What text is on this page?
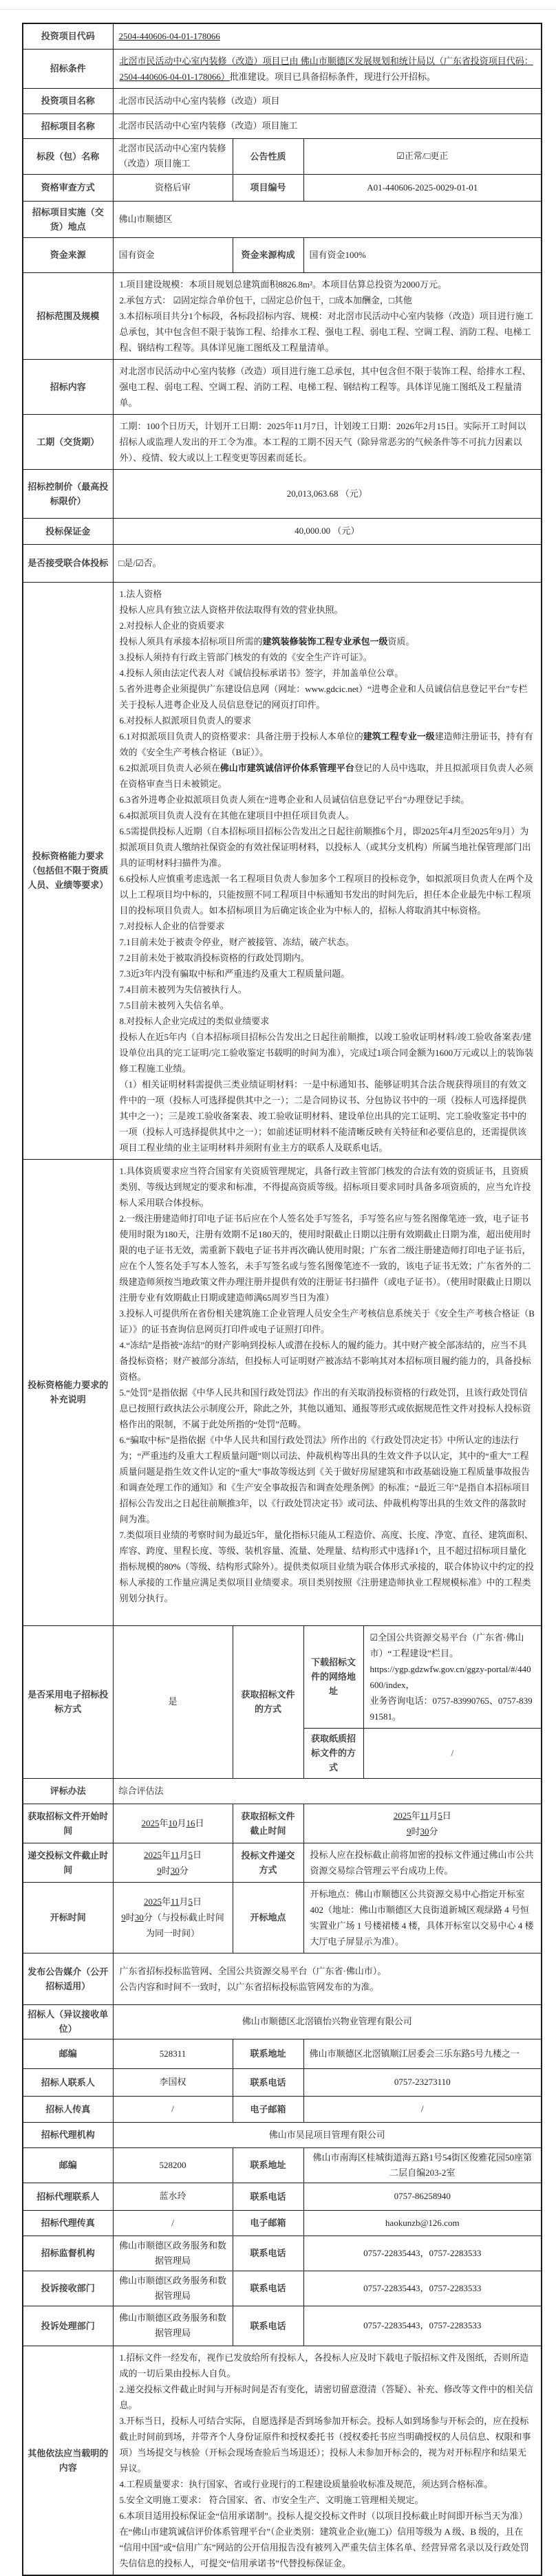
投资项目代码	2504-440606-04-01-178066			
招标条件	北滘市民活动中心室内装修（改造）项目已由 佛山市顺德区发展规划和统计局以（广东省投资项目代码：2504-440606-04-01-178066）批准建设。项目已具备招标条件，现进行公开招标。			

投资项目名称	北滘市民活动中心室内装修（改造）项目			
招标项目名称	北滘市民活动中心室内装修（改造）项目施工			
标段（包）名称	北滘市民活动中心室内装修（改造）项目施工	公告性质	☑正常/□更正	
资格审查方式	资格后审	项目编号	A01-440606-2025-0029-01-01	
招标项目实施（交货）地点	佛山市顺德区			
资金来源	国有资金	资金来源构成	国有资金100%	
招标范围及规模	1.项目建设规模：本项目规划总建筑面积8826.8m²。本项目估算总投资为2000万元。
2.承包方式： ☑固定综合单价包干，□固定总价包干，□成本加酬金，□其他
3.本招标项目共分1个标段，各标段招标内容、规模：对北滘市民活动中心室内装修（改造）项目进行施工总承包，其中包含但不限于装饰工程、给排水工程、强电工程、弱电工程、空调工程、消防工程、电梯工程、钢结构工程等。具体详见施工图纸及工程量清单。			

招标内容	对北滘市民活动中心室内装修（改造）项目进行施工总承包，其中包含但不限于装饰工程、给排水工程、强电工程、弱电工程、空调工程、消防工程、电梯工程、钢结构工程等。具体详见施工图纸及工程量清单。			
工期（交货期）	工期：100个日历天，计划开工日期：2025年11月7日，计划竣工日期：2026年2月15日。实际开工时间以招标人或监理人发出的开工令为准。本工程的工期不因天气（除异常恶劣的气候条件等不可抗力因素以外）、疫情、较大或以上工程变更等因素而延长。			
招标控制价（最高投标限价）	20,013,063.68 （元）			
投标保证金	40,000.00 （元）			
是否接受联合体投标	□是/☑否。			
投标资格能力要求（包括但不限于资质人员、业绩等要求）	
1.法人资格
投标人应具有独立法人资格并依法取得有效的营业执照。
2.对投标人企业的资质要求
投标人须具有承接本招标项目所需的建筑装修装饰工程专业承包一级资质。
3.投标人须持有行政主管部门核发的有效的《安全生产许可证》。
4.投标人须由法定代表人对《诚信投标承诺书》签字，并加盖单位公章。
5.省外进粤企业须提供广东建设信息网（网址：www.gdcic.net）“进粤企业和人员诚信信息登记平台”专栏关于投标人进粤企业及人员信息登记的网页打印件。
6.对投标人拟派项目负责人的要求
6.1对拟派项目负责人的资格要求：具备注册于投标人本单位的建筑工程专业一级建造师注册证书，持有有效的《安全生产考核合格证（B证）》。
6.2拟派项目负责人必须在佛山市建筑诚信评价体系管理平台登记的人员中选取，并且拟派项目负责人必须在资格审查当日未被锁定。
6.3省外进粤企业拟派项目负责人须在“进粤企业和人员诚信信息登记平台”办理登记手续。
6.4拟派项目负责人没有在其他在建项目中担任项目负责人。
6.5需提供投标人近期（自本招标项目招标公告发出之日起往前顺推6个月，即2025年4月至2025年9月）为拟派项目负责人缴纳社保资金的有效社保证明材料，以投标人（或其分支机构）所属当地社保管理部门出具的证明材料扫描件为准。
6.6投标人应慎重考虑选派一名工程项目负责人参加多个工程项目的投标竞争，如拟派项目负责人在两个及以上工程项目均中标的，只能按照不同工程项目中标通知书发出的时间先后，担任本企业最先中标工程项目的投标项目负责人。如本招标项目为后确定该企业为中标人的，招标人将取消其中标资格。
7.对投标人企业的信誉要求
7.1目前未处于被责令停业，财产被接管、冻结，破产状态。
7.2目前未处于被取消投标资格的行政处罚期内。
7.3近3年内没有骗取中标和严重违约及重大工程质量问题。
7.4目前未被列为失信被执行人。
7.5目前未被列入失信名单。
8.对投标人企业完成过的类似业绩要求
投标人在近5年内（自本招标项目招标公告发出之日起往前顺推，以竣工验收证明材料/竣工验收备案表/建设单位出具的完工证明/完工验收鉴定书载明的时间为准），完成过1项合同金额为1600万元或以上的装饰装修工程施工业绩。
（1）相关证明材料需提供三类业绩证明材料：一是中标通知书、能够证明其合法合规获得项目的有效文件中的一项（投标人可选择提供其中之一）；二是合同协议书、分包协议书中的一项（投标人可选择提供其中之一）；三是竣工验收备案表、竣工验收证明材料、建设单位出具的完工证明、完工验收鉴定书中的一项（投标人可选择提供其中之一）；如前述证明材料不能清晰反映有关特征和必要信息的，还需提供该项目工程业绩的业主证明材料并须附有业主方的联系人及联系电话。

投标资格能力要求的补充说明	
1.具体资质要求应当符合国家有关资质管理规定，具备行政主管部门核发的合法有效的资质证书，且资质类别、等级达到规定的要求和标准，不得提高资质等级。招标项目要求同时具备多项资质的，应当允许投标人采用联合体投标。
2.一级注册建造师打印电子证书后应在个人签名处手写签名，手写签名应与签名图像笔迹一致，电子证书使用时限为180天，注册有效期不足180天的，使用时限截止日期以注册有效期截止日期为准，超出使用时限的电子证书无效，需重新下载电子证书并再次确认使用时限；广东省二级注册建造师打印电子证书后，应在个人签名处手写本人签名，未手写签名或与签名图像笔迹不一致的，该电子证书无效；广东省外的二级建造师须按当地政策文件办理注册并提供有效的注册证书扫描件（或电子证书）。（使用时限截止日期以注册专业有效期截止日期或建造师满65周岁当日为准）
3.投标人可提供所在省份相关建筑施工企业管理人员安全生产考核信息系统关于《安全生产考核合格证（B证）》的证书查询信息网页打印件或电子证照打印件。
4.“冻结”是指被“冻结”的财产影响到投标人或潜在投标人的履约能力。其中财产被全部冻结的，应当不具备投标资格；财产被部分冻结，但投标人可证明财产被冻结不影响其对本招标项目履约能力的，具备投标资格。
5.“处罚”是指依据《中华人民共和国行政处罚法》作出的有关取消投标资格的行政处罚，且该行政处罚信息已按照行政执法公示制度公开，除此之外，其他以通知、通报等形式或依据规范性文件对投标人投标资格作出的限制，不属于此处所指的“处罚”范畴。
6.“骗取中标”是指依据《中华人民共和国行政处罚法》所作出的《行政处罚决定书》中所认定的违法行为；“严重违约及重大工程质量问题”则以司法、仲裁机构等出具的生效文件予以认定，其中的“重大”工程质量问题是指生效文件认定的“重大”事故等级达到《关于做好房屋建筑和市政基础设施工程质量事故报告和调查处理工作的通知》和《生产安全事故报告和调查处理条例》的标准；“最近三年”是指自本招标项目招标公告发出之日起往前顺推3年，以《行政处罚决定书》或司法、仲裁机构等出具的生效文件的落款时间为准。
7.类似项目业绩的考察时间为最近5年，量化指标只能从工程造价、高度、长度、净宽、直径、建筑面积、库容、跨度、里程长度、等级、装机容量、流量、处理量、结构形式中选择1个，且不超过招标项目量化指标规模的80%（等级、结构形式除外）。提供类似项目业绩为联合体形式承接的，联合体协议中约定的投标人承接的工作量应满足类似项目业绩要求。项目类别按照《注册建造师执业工程规模标准》中的工程类别划分执行。

是否采用电子招标投标方式	是	获取招标文件的方式	下载招标文件的网络地址	☑全国公共资源交易平台（广东省·佛山市）“工程建设”栏目。
https://ygp.gdzwfw.gov.cn/ggzy-portal/#/440600/index，
业务咨询电话：0757-83990765、0757-83991581。

			获取纸质招标文件的方式	/
评标办法	综合评估法			
获取招标文件开始时间	2025年10月16日	获取招标文件截止时间	2025年11月5日
9时30分	

递交投标文件截止时间	2025年11月5日
9时30分	投标文件递交方式	投标人应在投标截止前将加密的投标文件通过佛山市公共资源交易综合管理云平台成功上传。	
开标时间	2025年11月5日
9时30分（与投标截止时间为同一时间）	开标地点	开标地点：佛山市顺德区公共资源交易中心指定开标室402（地址：佛山市顺德区大良街道新城区观绿路 4 号恒实置业广场 1 号楼裙楼 4 楼，具体开标室以交易中心 4 楼大厅电子屏显示为准）。	
发布公告媒介（公开招标适用）	广东省招标投标监管网、全国公共资源交易平台（广东省·佛山市）。
公告内容和时间不一致时，以广东省招标投标监管网发布的为准。			

招标人（异议接收单位）	佛山市顺德区北滘镇怡兴物业管理有限公司			
邮编	528311	联系地址	佛山市顺德区北滘镇顺江居委会三乐东路5号九楼之一	
招标人联系人	李国权	联系电话	0757-23273110	
招标人传真	/	电子邮箱	/	
招标代理机构	佛山市昊昆项目管理有限公司			
邮编	528200	联系地址	佛山市南海区桂城街道海五路1号54街区俊雅花园50座第二层自编203-2室	
招标代理联系人	蓝水玲	联系电话	0757-86258940	
招标代理传真	/	电子邮箱	haokunzb@126.com	
招标监督机构	佛山市顺德区政务服务和数据管理局	联系电话	0757-22835443，0757-2283533	
投诉接收部门	佛山市顺德区政务服务和数据管理局	联系电话	0757-22835443，0757-2283533	
投诉处理部门	佛山市顺德区政务服务和数据管理局	联系电话	0757-22835443，0757-2283533	
其他依法应当载明的内容	
1.招标文件一经发布，视作已发放给所有投标人，各投标人应及时下载电子版招标文件及图纸，否则所造成的一切后果由投标人自负。
2.递交投标文件截止时间与开标时间是否有变化，请密切留意澄清（答疑）、补充、修改等文件中的相关信息。
3.开标当日，投标人可结合实际，自愿选择是否到场参加开标会。投标人如到场参与开标会的，应在投标截止时间前到场，并带齐个人身份证原件和授权委托书（授权委托书应当明确授权的人员信息、权限和事项）当场提交与核验（开标会现场查验后当场退还）；投标人未参加开标会的，视为对开标程序和结果无异议。
4.工程质量要求：执行国家、省或行业现行的工程建设质量验收标准及规范，须达到合格标准。
5.安全文明施工要求： 符合国家、省、市安全生产、文明施工管理相关规定。
6.本项目适用投标保证金“信用承诺制”。投标人提交投标文件时（以项目投标截止时间即开标当天为准）在“佛山市建筑诚信评价体系管理平台”（企业类别：建筑业企业(施工)）信用等级为 A 级、B 级的，且在“信用中国”或“信用广东”网站的公开信用报告没有被列入严重失信主体名单、经营异常名录以及行政处罚失信信息的投标人，可提交“信用承诺书”代替投标保证金。
